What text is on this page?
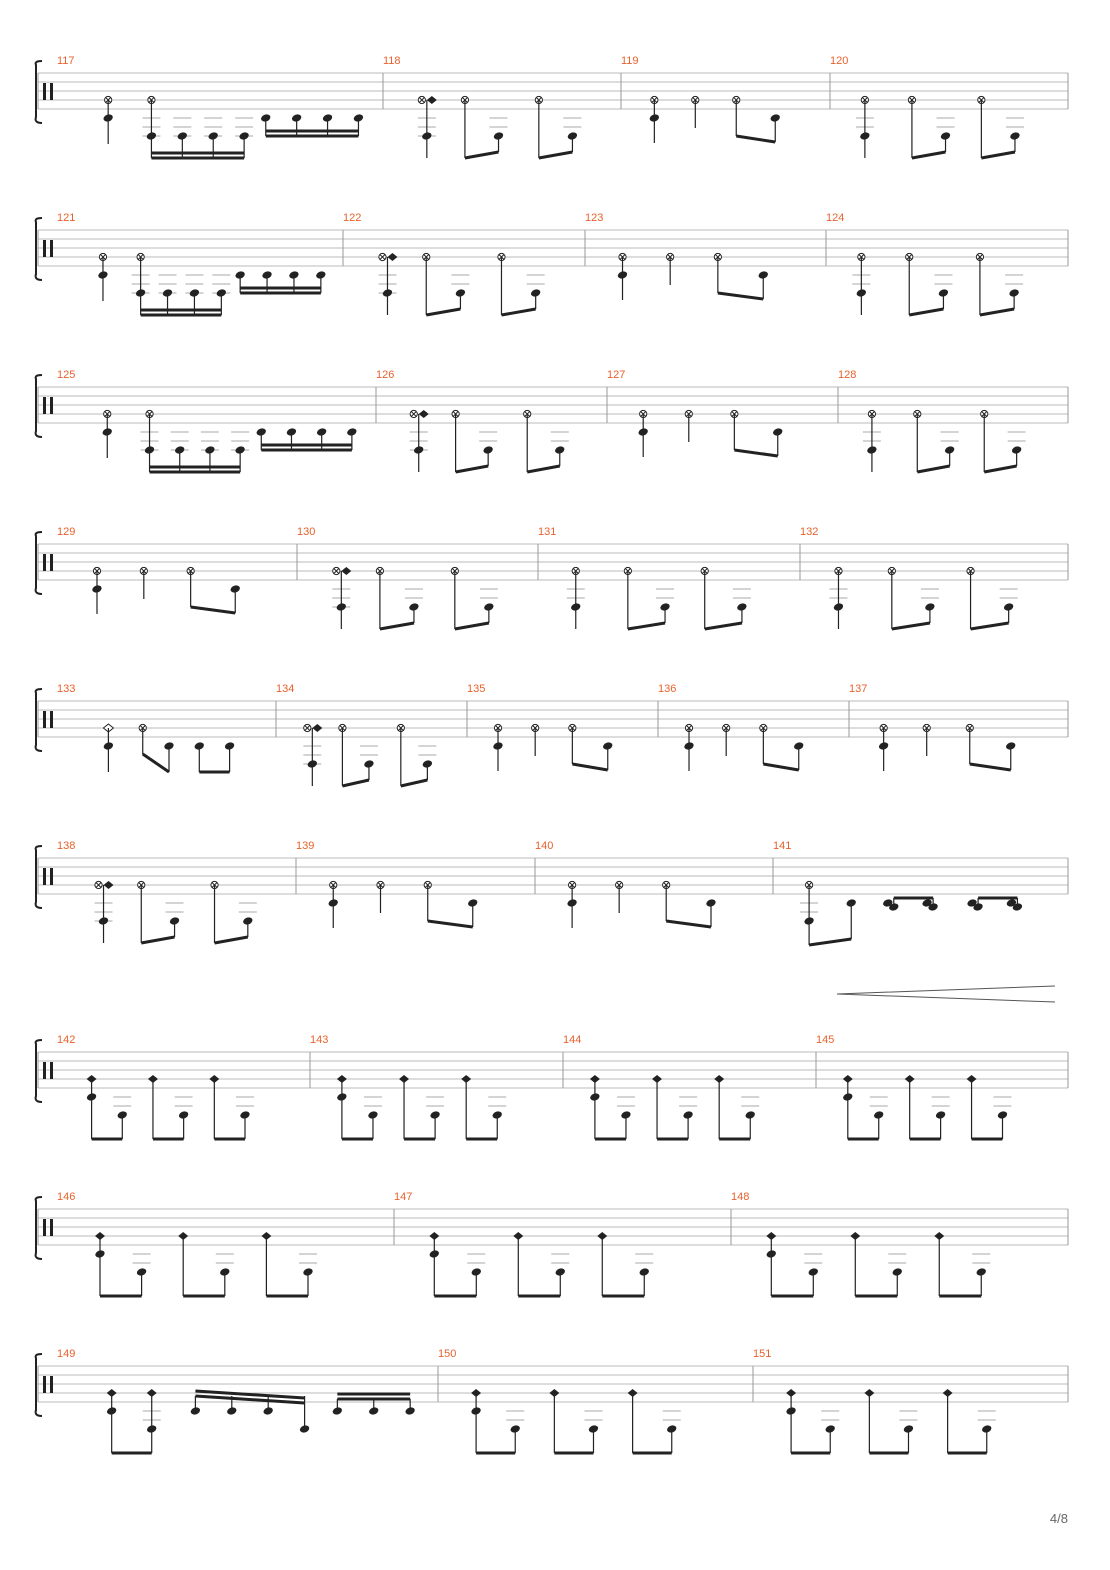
117	118	119	120
121	122	123	124
125	126	127	128
129	130	131	132
133	134	135	136	137
138	139	140	141
142	143	144	145
146	147	148
149	150	151
4/8
